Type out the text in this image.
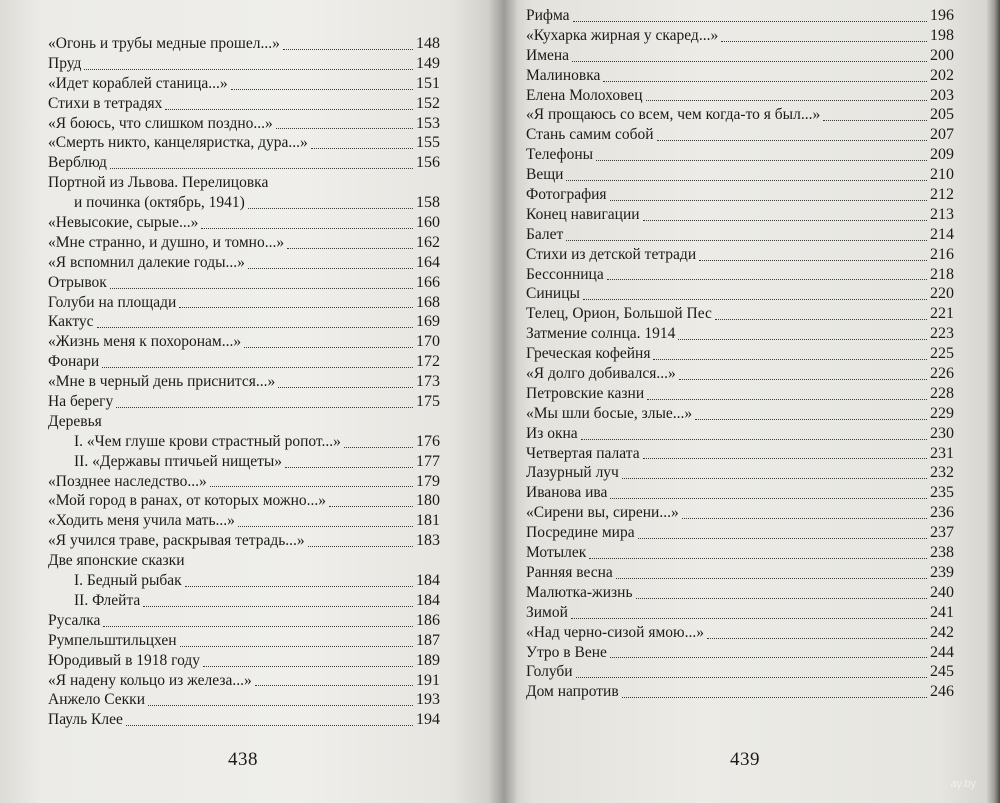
«Огонь и трубы медные прошел...»	148
Пруд	149
«Идет кораблей станица...»	151
Стихи в тетрадях	152
«Я боюсь, что слишком поздно...»	153
«Смерть никто, канцеляристка, дура...»	155
Верблюд	156
Портной из Львова. Перелицовка
и починка (октябрь, 1941)	158
«Невысокие, сырые...»	160
«Мне странно, и душно, и томно...»	162
«Я вспомнил далекие годы...»	164
Отрывок	166
Голуби на площади	168
Кактус	169
«Жизнь меня к похоронам...»	170
Фонари	172
«Мне в черный день приснится...»	173
На берегу	175
Деревья
I. «Чем глуше крови страстный ропот...»	176
II. «Державы птичьей нищеты»	177
«Позднее наследство...»	179
«Мой город в ранах, от которых можно...»	180
«Ходить меня учила мать...»	181
«Я учился траве, раскрывая тетрадь...»	183
Две японские сказки
I. Бедный рыбак	184
II. Флейта	184
Русалка	186
Румпельштильцхен	187
Юродивый в 1918 году	189
«Я надену кольцо из железа...»	191
Анжело Секки	193
Пауль Клее	194
438
Рифма	196
«Кухарка жирная у скаред...»	198
Имена	200
Малиновка	202
Елена Молоховец	203
«Я прощаюсь со всем, чем когда-то я был...»	205
Стань самим собой	207
Телефоны	209
Вещи	210
Фотография	212
Конец навигации	213
Балет	214
Стихи из детской тетради	216
Бессонница	218
Синицы	220
Телец, Орион, Большой Пес	221
Затмение солнца. 1914	223
Греческая кофейня	225
«Я долго добивался...»	226
Петровские казни	228
«Мы шли босые, злые...»	229
Из окна	230
Четвертая палата	231
Лазурный луч	232
Иванова ива	235
«Сирени вы, сирени...»	236
Посредине мира	237
Мотылек	238
Ранняя весна	239
Малютка-жизнь	240
Зимой	241
«Над черно-сизой ямою...»	242
Утро в Вене	244
Голуби	245
Дом напротив	246
439
ay.by
